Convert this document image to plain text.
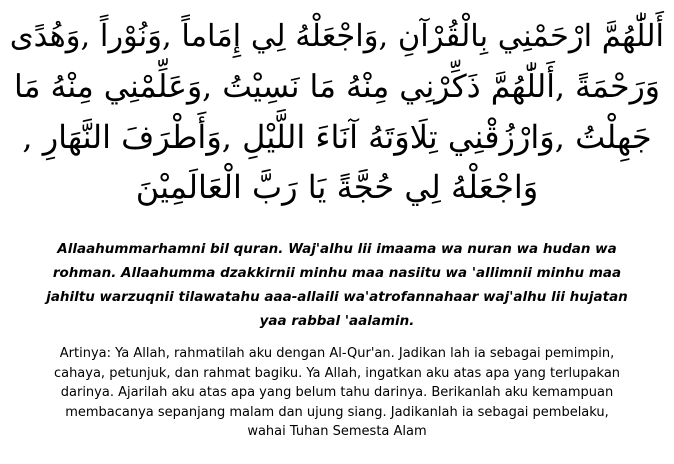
أَللّٰهُمَّ ارْحَمْنِي بِالْقُرْآنِ ,وَاجْعَلْهُ لِي إِمَاماً ,وَنُوْراً ,وَهُدًى
وَرَحْمَةً ,أَللّٰهُمَّ ذَكِّرْنِي مِنْهُ مَا نَسِيْتُ ,وَعَلِّمْنِي مِنْهُ مَا
جَهِلْتُ ,وَارْزُقْنِي تِلَاوَتَهُ آنَاءَ اللَّيْلِ ,وَأَطْرَفَ النَّهَارِ ,
وَاجْعَلْهُ لِي حُجَّةً يَا رَبَّ الْعَالَمِيْنَ
Allaahummarhamni bil quran. Waj'alhu lii imaama wa nuran wa hudan wa
rohman. Allaahumma dzakkirnii minhu maa nasiitu wa 'allimnii minhu maa
jahiltu warzuqnii tilawatahu aaa-allaili wa'atrofannahaar waj'alhu lii hujatan
yaa rabbal 'aalamin.
Artinya: Ya Allah, rahmatilah aku dengan Al-Qur'an. Jadikan lah ia sebagai pemimpin,
cahaya, petunjuk, dan rahmat bagiku. Ya Allah, ingatkan aku atas apa yang terlupakan
darinya. Ajarilah aku atas apa yang belum tahu darinya. Berikanlah aku kemampuan
membacanya sepanjang malam dan ujung siang. Jadikanlah ia sebagai pembelaku,
wahai Tuhan Semesta Alam
